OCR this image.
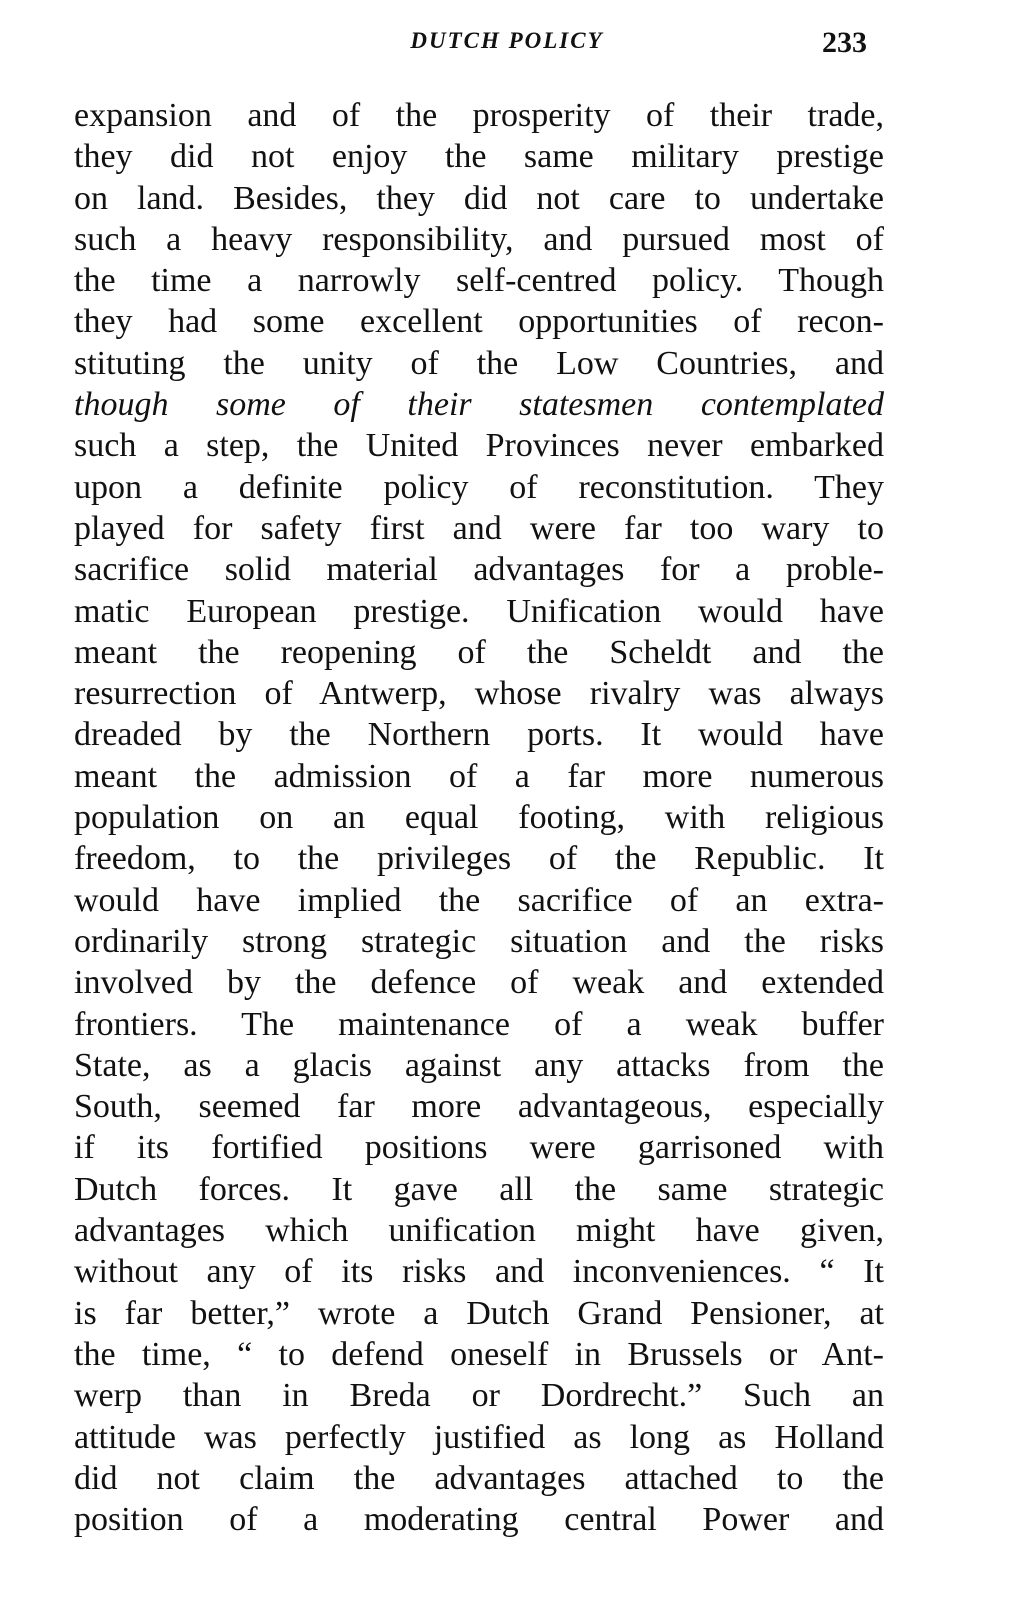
DUTCH POLICY	233
expansion and of the prosperity of their trade,
they did not enjoy the same military prestige
on land. Besides, they did not care to undertake
such a heavy responsibility, and pursued most of
the time a narrowly self-centred policy. Though
they had some excellent opportunities of recon-
stituting the unity of the Low Countries, and
though some of their statesmen contemplated
such a step, the United Provinces never embarked
upon a definite policy of reconstitution. They
played for safety first and were far too wary to
sacrifice solid material advantages for a proble-
matic European prestige. Unification would have
meant the reopening of the Scheldt and the
resurrection of Antwerp, whose rivalry was always
dreaded by the Northern ports. It would have
meant the admission of a far more numerous
population on an equal footing, with religious
freedom, to the privileges of the Republic. It
would have implied the sacrifice of an extra-
ordinarily strong strategic situation and the risks
involved by the defence of weak and extended
frontiers. The maintenance of a weak buffer
State, as a glacis against any attacks from the
South, seemed far more advantageous, especially
if its fortified positions were garrisoned with
Dutch forces. It gave all the same strategic
advantages which unification might have given,
without any of its risks and inconveniences. “ It
is far better,” wrote a Dutch Grand Pensioner, at
the time, “ to defend oneself in Brussels or Ant-
werp than in Breda or Dordrecht.” Such an
attitude was perfectly justified as long as Holland
did not claim the advantages attached to the
position of a moderating central Power and
